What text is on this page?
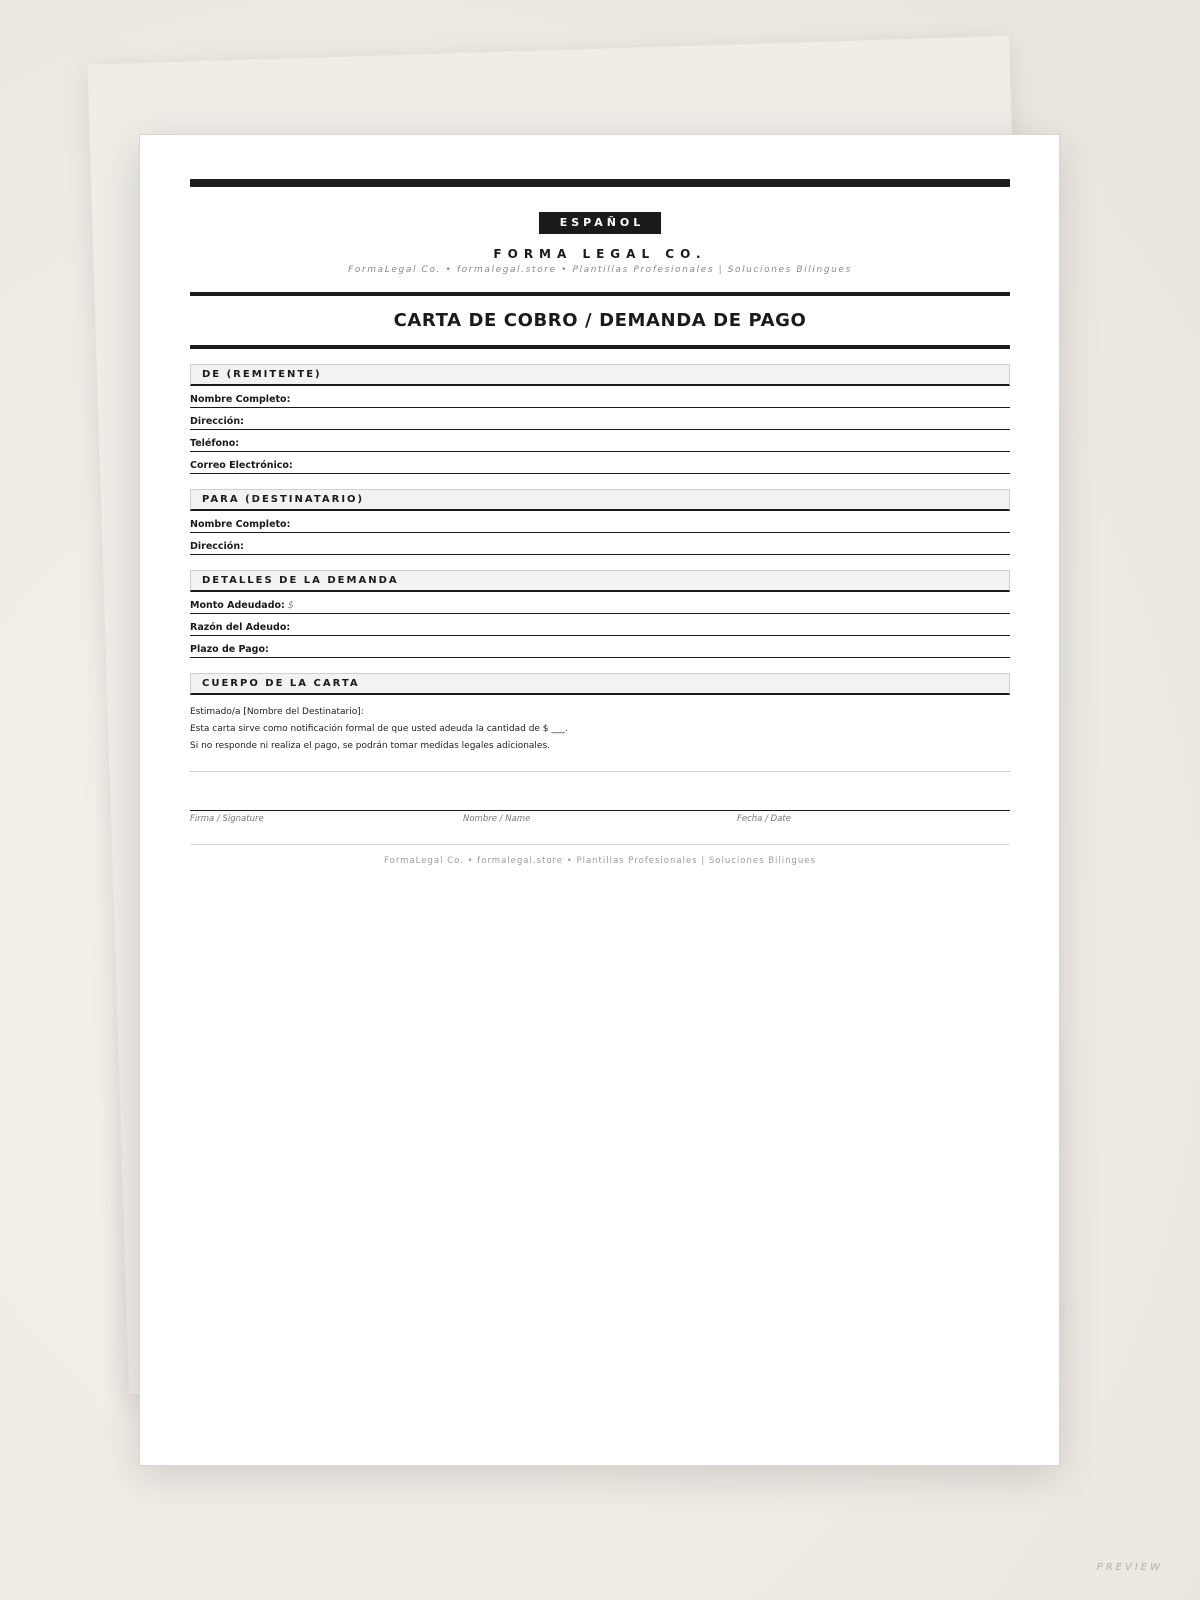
ESPAÑOL
FORMA LEGAL CO.
FormaLegal Co. • formalegal.store • Plantillas Profesionales | Soluciones Bilingues
CARTA DE COBRO / DEMANDA DE PAGO
DE (REMITENTE)
Nombre Completo:
Dirección:
Teléfono:
Correo Electrónico:
PARA (DESTINATARIO)
Nombre Completo:
Dirección:
DETALLES DE LA DEMANDA
Monto Adeudado: $
Razón del Adeudo:
Plazo de Pago:
CUERPO DE LA CARTA
Estimado/a [Nombre del Destinatario]:
Esta carta sirve como notificación formal de que usted adeuda la cantidad de $ ___.
Si no responde ni realiza el pago, se podrán tomar medidas legales adicionales.
Firma / Signature	Nombre / Name	Fecha / Date
FormaLegal Co. • formalegal.store • Plantillas Profesionales | Soluciones Bilingues
PREVIEW
